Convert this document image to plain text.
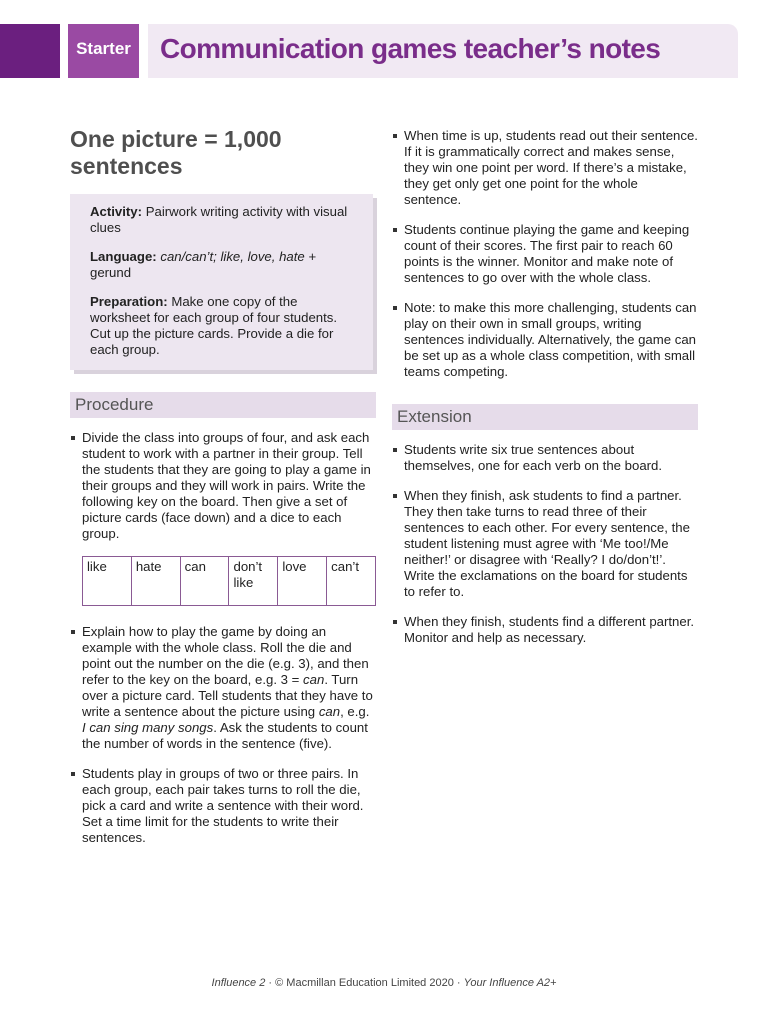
Starter Communication games teacher’s notes
One picture = 1,000 sentences

Activity: Pairwork writing activity with visual clues

Language: can/can’t; like, love, hate + gerund

Preparation: Make one copy of the worksheet for each group of four students. Cut up the picture cards. Provide a die for each group.

Procedure
Divide the class into groups of four, and ask each student to work with a partner in their group. Tell the students that they are going to play a game in their groups and they will work in pairs. Write the following key on the board. Then give a set of picture cards (face down) and a dice to each group.
like	hate	can	don’t like	love	can’t
Explain how to play the game by doing an example with the whole class. Roll the die and point out the number on the die (e.g. 3), and then refer to the key on the board, e.g. 3 = can. Turn over a picture card. Tell students that they have to write a sentence about the picture using can, e.g. I can sing many songs. Ask the students to count the number of words in the sentence (five).
Students play in groups of two or three pairs. In each group, each pair takes turns to roll the die, pick a card and write a sentence with their word. Set a time limit for the students to write their sentences.
When time is up, students read out their sentence. If it is grammatically correct and makes sense, they win one point per word. If there’s a mistake, they get only get one point for the whole sentence.
Students continue playing the game and keeping count of their scores. The first pair to reach 60 points is the winner. Monitor and make note of sentences to go over with the whole class.
Note: to make this more challenging, students can play on their own in small groups, writing sentences individually. Alternatively, the game can be set up as a whole class competition, with small teams competing.
Extension
Students write six true sentences about themselves, one for each verb on the board.
When they finish, ask students to find a partner. They then take turns to read three of their sentences to each other. For every sentence, the student listening must agree with ‘Me too!/Me neither!’ or disagree with ‘Really? I do/don’t!’. Write the exclamations on the board for students to refer to.
When they finish, students find a different partner. Monitor and help as necessary.
Influence 2 · © Macmillan Education Limited 2020 · Your Influence A2+
